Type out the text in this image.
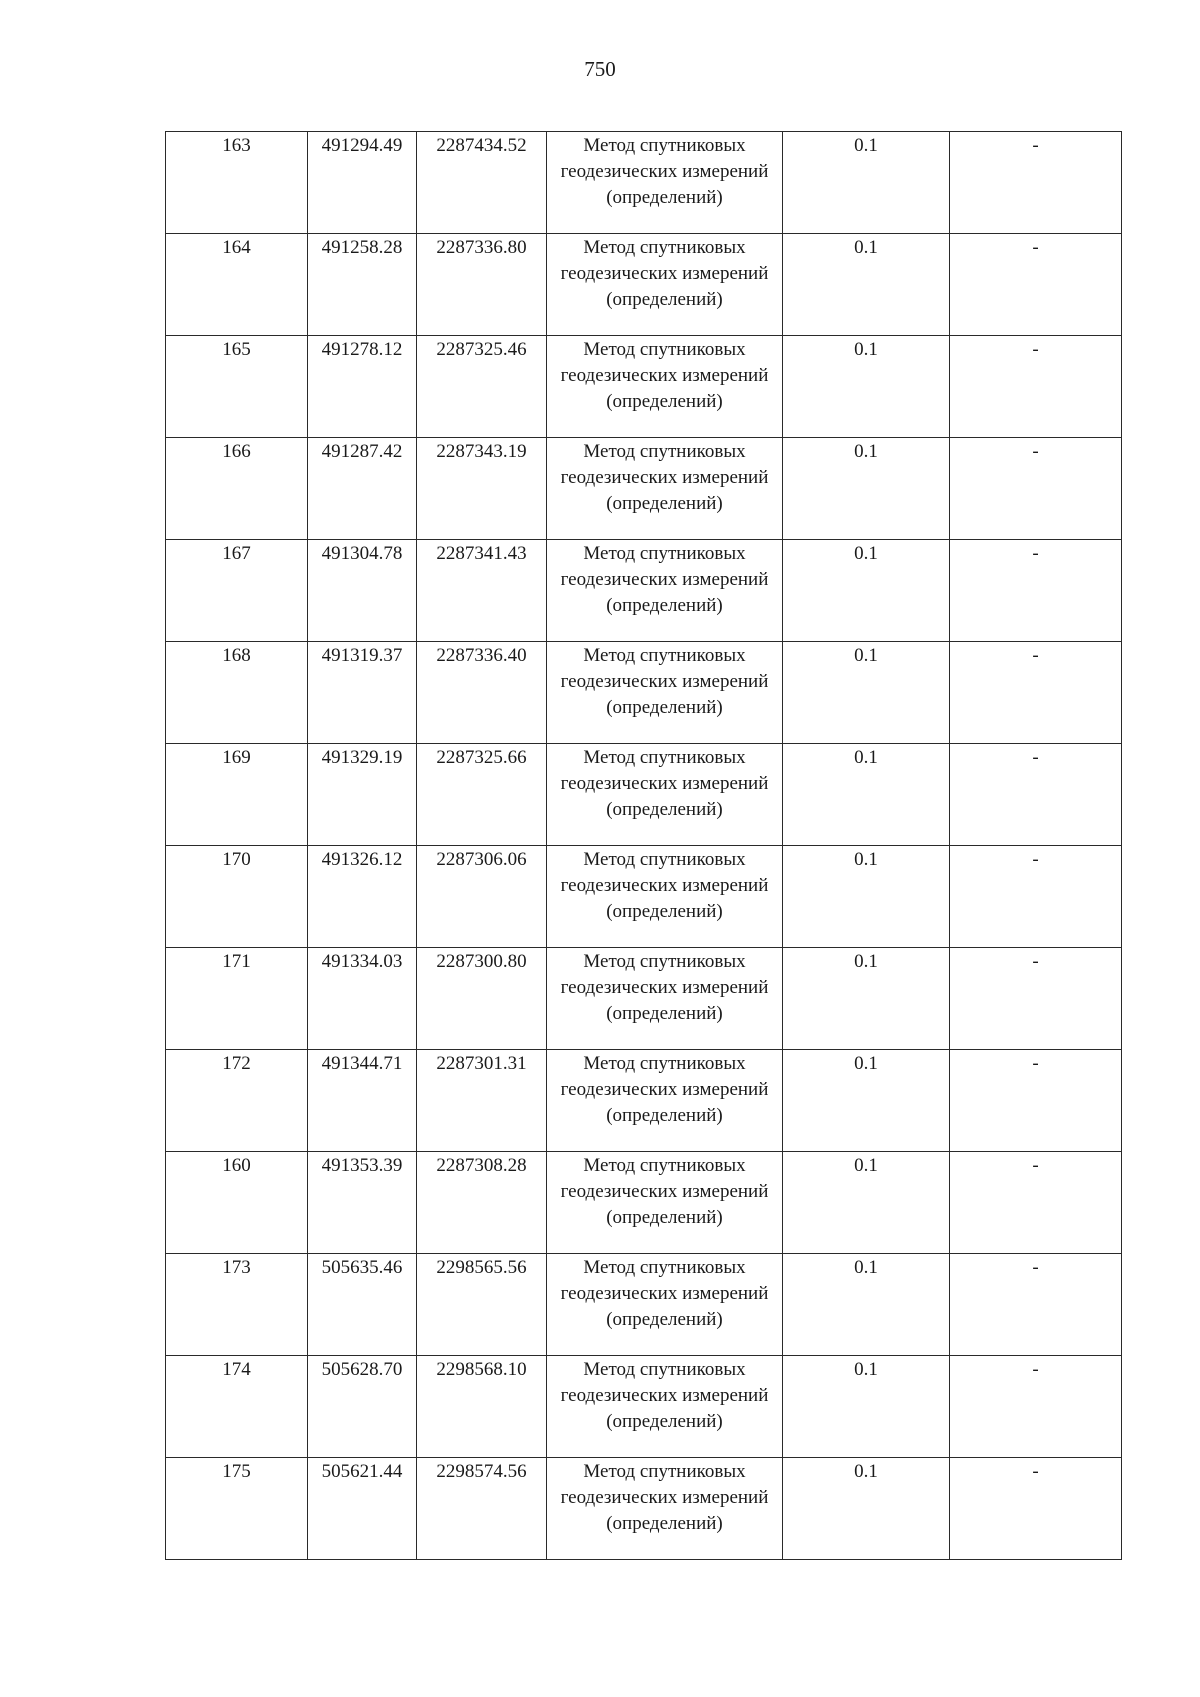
750
163	491294.49	2287434.52	Метод спутниковых геодезических измерений (определений)	0.1	-

164	491258.28	2287336.80	Метод спутниковых геодезических измерений (определений)	0.1	-

165	491278.12	2287325.46	Метод спутниковых геодезических измерений (определений)	0.1	-

166	491287.42	2287343.19	Метод спутниковых геодезических измерений (определений)	0.1	-

167	491304.78	2287341.43	Метод спутниковых геодезических измерений (определений)	0.1	-

168	491319.37	2287336.40	Метод спутниковых геодезических измерений (определений)	0.1	-

169	491329.19	2287325.66	Метод спутниковых геодезических измерений (определений)	0.1	-

170	491326.12	2287306.06	Метод спутниковых геодезических измерений (определений)	0.1	-

171	491334.03	2287300.80	Метод спутниковых геодезических измерений (определений)	0.1	-

172	491344.71	2287301.31	Метод спутниковых геодезических измерений (определений)	0.1	-

160	491353.39	2287308.28	Метод спутниковых геодезических измерений (определений)	0.1	-

173	505635.46	2298565.56	Метод спутниковых геодезических измерений (определений)	0.1	-

174	505628.70	2298568.10	Метод спутниковых геодезических измерений (определений)	0.1	-

175	505621.44	2298574.56	Метод спутниковых геодезических измерений (определений)	0.1	-
